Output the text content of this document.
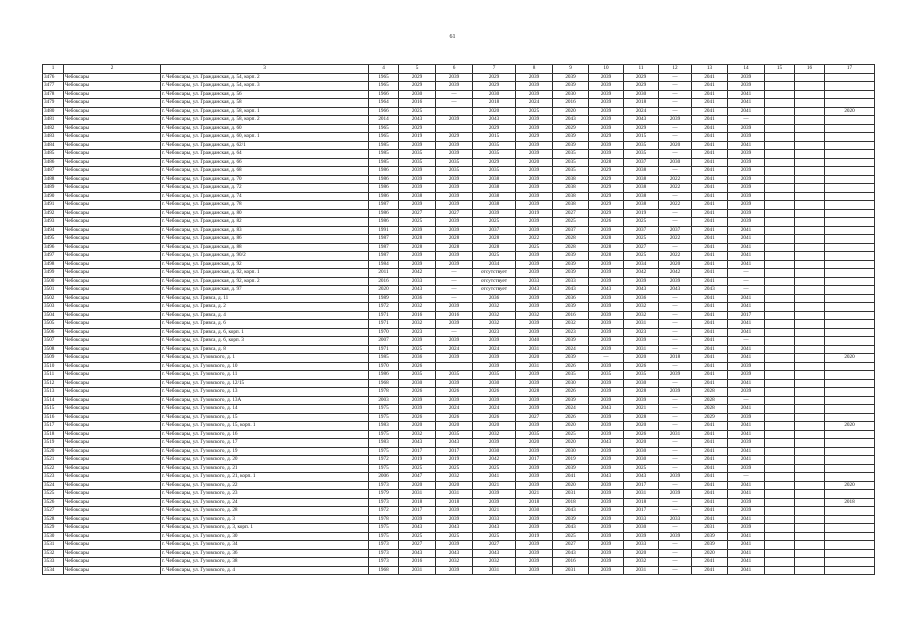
61
1	2	3	4	5	6	7	8	9	10	11	12	13	14	15	16	17
3476	Чебоксары	г. Чебоксары, ул. Гражданская, д. 54, корп. 2	1965	2029	2039	2029	2039	2039	2039	2029	—	2041	2039			
3477	Чебоксары	г. Чебоксары, ул. Гражданская, д. 54, корп. 3	1965	2029	2039	2029	2039	2039	2039	2029	—	2041	2039			
3478	Чебоксары	г. Чебоксары, ул. Гражданская, д. 56	1966	2030	—	2030	2039	2030	2039	2030	—	2041	2041			
3479	Чебоксары	г. Чебоксары, ул. Гражданская, д. 58	1964	2016	—	2018	2024	2016	2039	2018	—	2041	2041			
3480	Чебоксары	г. Чебоксары, ул. Гражданская, д. 58, корп. 1	1966	2025		2020	2025	2020	2039	2024	—	2041	2041			2020
3481	Чебоксары	г. Чебоксары, ул. Гражданская, д. 58, корп. 2	2014	2043	2039	2043	2039	2043	2039	2043	2039	2041	—			
3482	Чебоксары	г. Чебоксары, ул. Гражданская, д. 60	1965	2029		2029	2039	2029	2039	2029	—	2041	2039			
3483	Чебоксары	г. Чебоксары, ул. Гражданская, д. 60, корп. 1	1965	2019	2029	2015	2029	2039	2029	2015	—	2041	2039			
3484	Чебоксары	г. Чебоксары, ул. Гражданская, д. 62/1	1985	2039	2039	2035	2039	2039	2039	2035	2020	2041	2041			
3485	Чебоксары	г. Чебоксары, ул. Гражданская, д. 64	1985	2035	2039	2035	2039	2035	2039	2035	—	2041	2039			
3486	Чебоксары	г. Чебоксары, ул. Гражданская, д. 66	1985	2035	2035	2029	2020	2035	2028	2037	2030	2041	2039			
3487	Чебоксары	г. Чебоксары, ул. Гражданская, д. 68	1986	2039	2035	2035	2039	2035	2029	2038	—	2041	2039			
3488	Чебоксары	г. Чебоксары, ул. Гражданская, д. 70	1986	2039	2039	2038	2039	2038	2029	2038	2022	2041	2039			
3489	Чебоксары	г. Чебоксары, ул. Гражданская, д. 72	1986	2039	2039	2038	2039	2038	2029	2038	2022	2041	2039			
3490	Чебоксары	г. Чебоксары, ул. Гражданская, д. 74	1986	2038	2039	2038	2039	2038	2029	2038	—	2041	2039			
3491	Чебоксары	г. Чебоксары, ул. Гражданская, д. 78	1987	2039	2039	2038	2039	2038	2029	2038	2022	2041	2039			
3492	Чебоксары	г. Чебоксары, ул. Гражданская, д. 80	1986	2027	2027	2039	2019	2027	2029	2019	—	2041	2039			
3493	Чебоксары	г. Чебоксары, ул. Гражданская, д. 82	1986	2025	2039	2025	2039	2025	2026	2025	—	2041	2039			
3494	Чебоксары	г. Чебоксары, ул. Гражданская, д. 83	1991	2039	2039	2037	2039	2037	2039	2037	2037	2041	2041			
3495	Чебоксары	г. Чебоксары, ул. Гражданская, д. 86	1987	2028	2028	2028	2022	2028	2028	2025	2022	2041	2041			
3496	Чебоксары	г. Чебоксары, ул. Гражданская, д. 88	1987	2028	2028	2028	2025	2028	2028	2027	—	2041	2041			
3497	Чебоксары	г. Чебоксары, ул. Гражданская, д. 90/2	1987	2039	2039	2025	2039	2039	2028	2025	2022	2041	2041			
3498	Чебоксары	г. Чебоксары, ул. Гражданская, д. 92	1984	2039	2039	2034	2039	2039	2039	2034	2020	2041	2041			
3499	Чебоксары	г. Чебоксары, ул. Гражданская, д. 92, корп. 1	2011	2042	—	отсутствует	2039	2039	2039	2042	2042	2041	—			
3500	Чебоксары	г. Чебоксары, ул. Гражданская, д. 92, корп. 2	2016	2033	—	отсутствует	2033	2033	2039	2039	2039	2041	—			
3501	Чебоксары	г. Чебоксары, ул. Гражданская, д. 97	2020	2043	—	отсутствует	2043	2043	2043	2043	2043	2043	—			
3502	Чебоксары	г. Чебоксары, ул. Гривса, д. 11	1989	2036	—	2036	2039	2036	2039	2036	—	2041	2041			
3503	Чебоксары	г. Чебоксары, ул. Гривса, д. 2	1972	2032	2039	2032	2039	2039	2039	2032	—	2041	2041			
3504	Чебоксары	г. Чебоксары, ул. Гривса, д. 4	1971	2016	2016	2032	2032	2016	2039	2032	—	2041	2017			
3505	Чебоксары	г. Чебоксары, ул. Гривса, д. 6	1971	2032	2039	2032	2039	2032	2039	2031	—	2041	2041			
3506	Чебоксары	г. Чебоксары, ул. Гривса, д. 6, корп. 1	1970	2023	—	2023	2039	2023	2039	2023	—	2041	2041			
3507	Чебоксары	г. Чебоксары, ул. Гривса, д. 6, корп. 3	2007	2039	2039	2039	2040	2039	2039	2039	—	2041	—			
3508	Чебоксары	г. Чебоксары, ул. Гривса, д. 8	1971	2025	2024	2024	2031	2024	2039	2031	—	2041	2041			
3509	Чебоксары	г. Чебоксары, ул. Гузовского, д. 1	1985	2036	2039	2039	2020	2039	—	2020	2018	2041	2041			2020
3510	Чебоксары	г. Чебоксары, ул. Гузовского, д. 10	1970	2026		2039	2031	2026	2039	2026	—	2041	2039			
3511	Чебоксары	г. Чебоксары, ул. Гузовского, д. 11	1986	2035	2035	2035	2039	2035	2035	2035	2039	2041	2039			
3512	Чебоксары	г. Чебоксары, ул. Гузовского, д. 12/15	1968	2030	2039	2030	2039	2030	2039	2030	—	2041	2041			
3513	Чебоксары	г. Чебоксары, ул. Гузовского, д. 13	1978	2026	2026	2026	2028	2026	2039	2028	2039	2028	2039			
3514	Чебоксары	г. Чебоксары, ул. Гузовского, д. 13А	2003	2039	2039	2039	2039	2039	2039	2039	—	2028	—			
3515	Чебоксары	г. Чебоксары, ул. Гузовского, д. 14	1975	2039	2024	2024	2039	2024	2043	2021	—	2028	2041			
3516	Чебоксары	г. Чебоксары, ул. Гузовского, д. 15	1975	2026	2026	2026	2027	2026	2039	2028	—	2029	2039			
3517	Чебоксары	г. Чебоксары, ул. Гузовского, д. 15, корп. 1	1983	2020	2020	2020	2039	2020	2039	2020	—	2041	2041			2020
3518	Чебоксары	г. Чебоксары, ул. Гузовского, д. 16	1975	2032	2035	2032	2035	2025	2039	2026	2031	2041	2041			
3519	Чебоксары	г. Чебоксары, ул. Гузовского, д. 17	1983	2043	2043	2039	2020	2020	2043	2020	—	2041	2039			
3520	Чебоксары	г. Чебоксары, ул. Гузовского, д. 19	1975	2017	2017	2030	2039	2030	2039	2030	—	2041	2041			
3521	Чебоксары	г. Чебоксары, ул. Гузовского, д. 20	1972	2019	2019	2042	2017	2019	2039	2030	—	2041	2041			
3522	Чебоксары	г. Чебоксары, ул. Гузовского, д. 21	1975	2025	2025	2025	2039	2039	2039	2025	—	2041	2039			
3523	Чебоксары	г. Чебоксары, ул. Гузовского, д. 21, корп. 1	2006	2047	2032	2041	2039	2041	2043	2043	2039	2041	—			
3524	Чебоксары	г. Чебоксары, ул. Гузовского, д. 22	1973	2020	2020	2021	2039	2020	2039	2017	—	2041	2041			2020
3525	Чебоксары	г. Чебоксары, ул. Гузовского, д. 23	1979	2031	2031	2039	2021	2031	2039	2031	2039	2041	2041			
3526	Чебоксары	г. Чебоксары, ул. Гузовского, д. 24	1973	2018	2018	2039	2018	2018	2039	2018	—	2041	2039			2018
3527	Чебоксары	г. Чебоксары, ул. Гузовского, д. 28	1972	2017	2039	2021	2030	2043	2039	2017	—	2041	2039			
3528	Чебоксары	г. Чебоксары, ул. Гузовского, д. 3	1978	2039	2039	2033	2039	2039	2039	2033	2033	2041	2041			
3529	Чебоксары	г. Чебоксары, ул. Гузовского, д. 3, корп. 1	1975	2043	2043	2043	2039	2043	2039	2030	—	2031	2039			
3530	Чебоксары	г. Чебоксары, ул. Гузовского, д. 30	1975	2025	2025	2025	2019	2025	2039	2039	2039	2039	2041			
3531	Чебоксары	г. Чебоксары, ул. Гузовского, д. 34	1973	2027	2039	2027	2039	2027	2039	2033	—	2039	2041			
3532	Чебоксары	г. Чебоксары, ул. Гузовского, д. 36	1973	2043	2043	2043	2039	2043	2039	2020	—	2020	2041			
3533	Чебоксары	г. Чебоксары, ул. Гузовского, д. 38	1973	2016	2032	2032	2039	2016	2039	2032	—	2041	2041			
3534	Чебоксары	г. Чебоксары, ул. Гузовского, д. 4	1968	2031	2039	2031	2039	2031	2039	2031	—	2041	2041			
